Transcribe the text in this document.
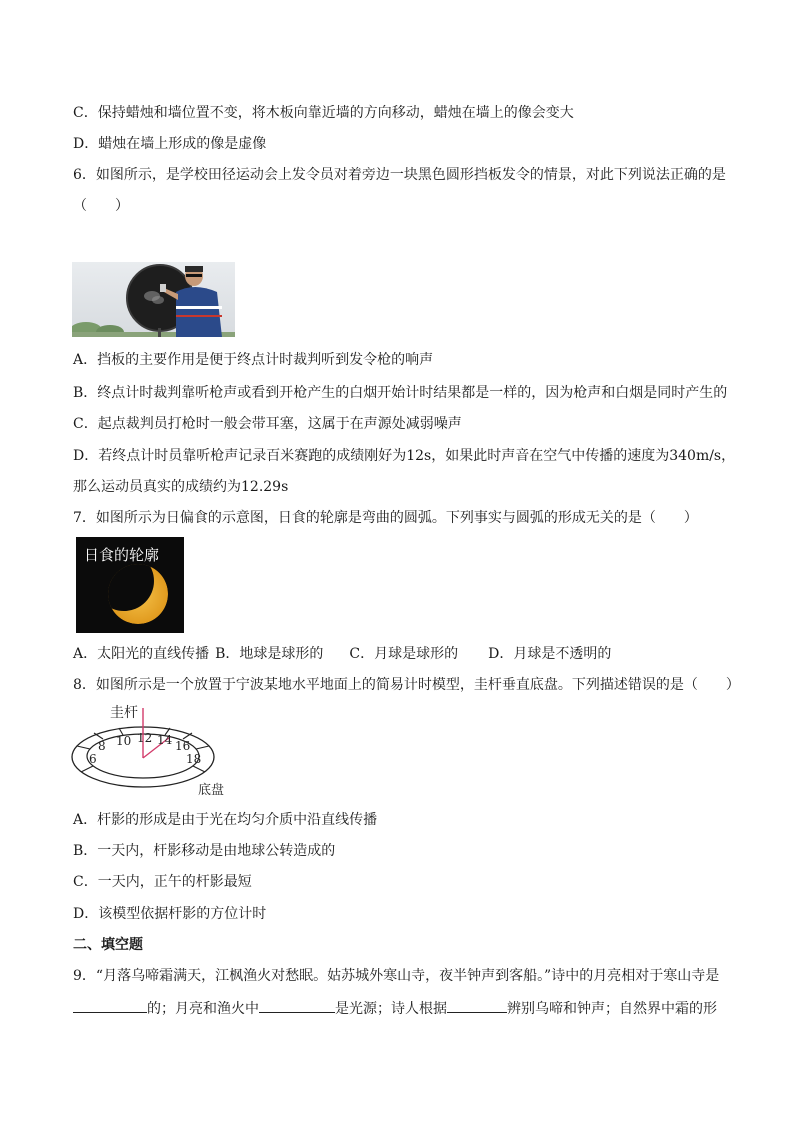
C．保持蜡烛和墙位置不变，将木板向靠近墙的方向移动，蜡烛在墙上的像会变大
D．蜡烛在墙上形成的像是虚像
6．如图所示，是学校田径运动会上发令员对着旁边一块黑色圆形挡板发令的情景，对此下列说法正确的是
（　　）
A．挡板的主要作用是便于终点计时裁判听到发令枪的响声
B．终点计时裁判靠听枪声或看到开枪产生的白烟开始计时结果都是一样的，因为枪声和白烟是同时产生的
C．起点裁判员打枪时一般会带耳塞，这属于在声源处减弱噪声
D．若终点计时员靠听枪声记录百米赛跑的成绩刚好为12s，如果此时声音在空气中传播的速度为340m/s，
那么运动员真实的成绩约为12.29s
7．如图所示为日偏食的示意图，日食的轮廓是弯曲的圆弧。下列事实与圆弧的形成无关的是（　　）
日食的轮廓
A．太阳光的直线传播 B．地球是球形的 C．月球是球形的 D．月球是不透明的
8．如图所示是一个放置于宁波某地水平地面上的简易计时模型，圭杆垂直底盘。下列描述错误的是（　　）
圭杆
底盘
6
8 10 12 14 16
18
A．杆影的形成是由于光在均匀介质中沿直线传播
B．一天内，杆影移动是由地球公转造成的
C．一天内，正午的杆影最短
D．该模型依据杆影的方位计时
二、填空题
9．“月落乌啼霜满天，江枫渔火对愁眠。姑苏城外寒山寺，夜半钟声到客船。”诗中的月亮相对于寒山寺是
的；月亮和渔火中	是光源；诗人根据	辨别乌啼和钟声；自然界中霜的形
